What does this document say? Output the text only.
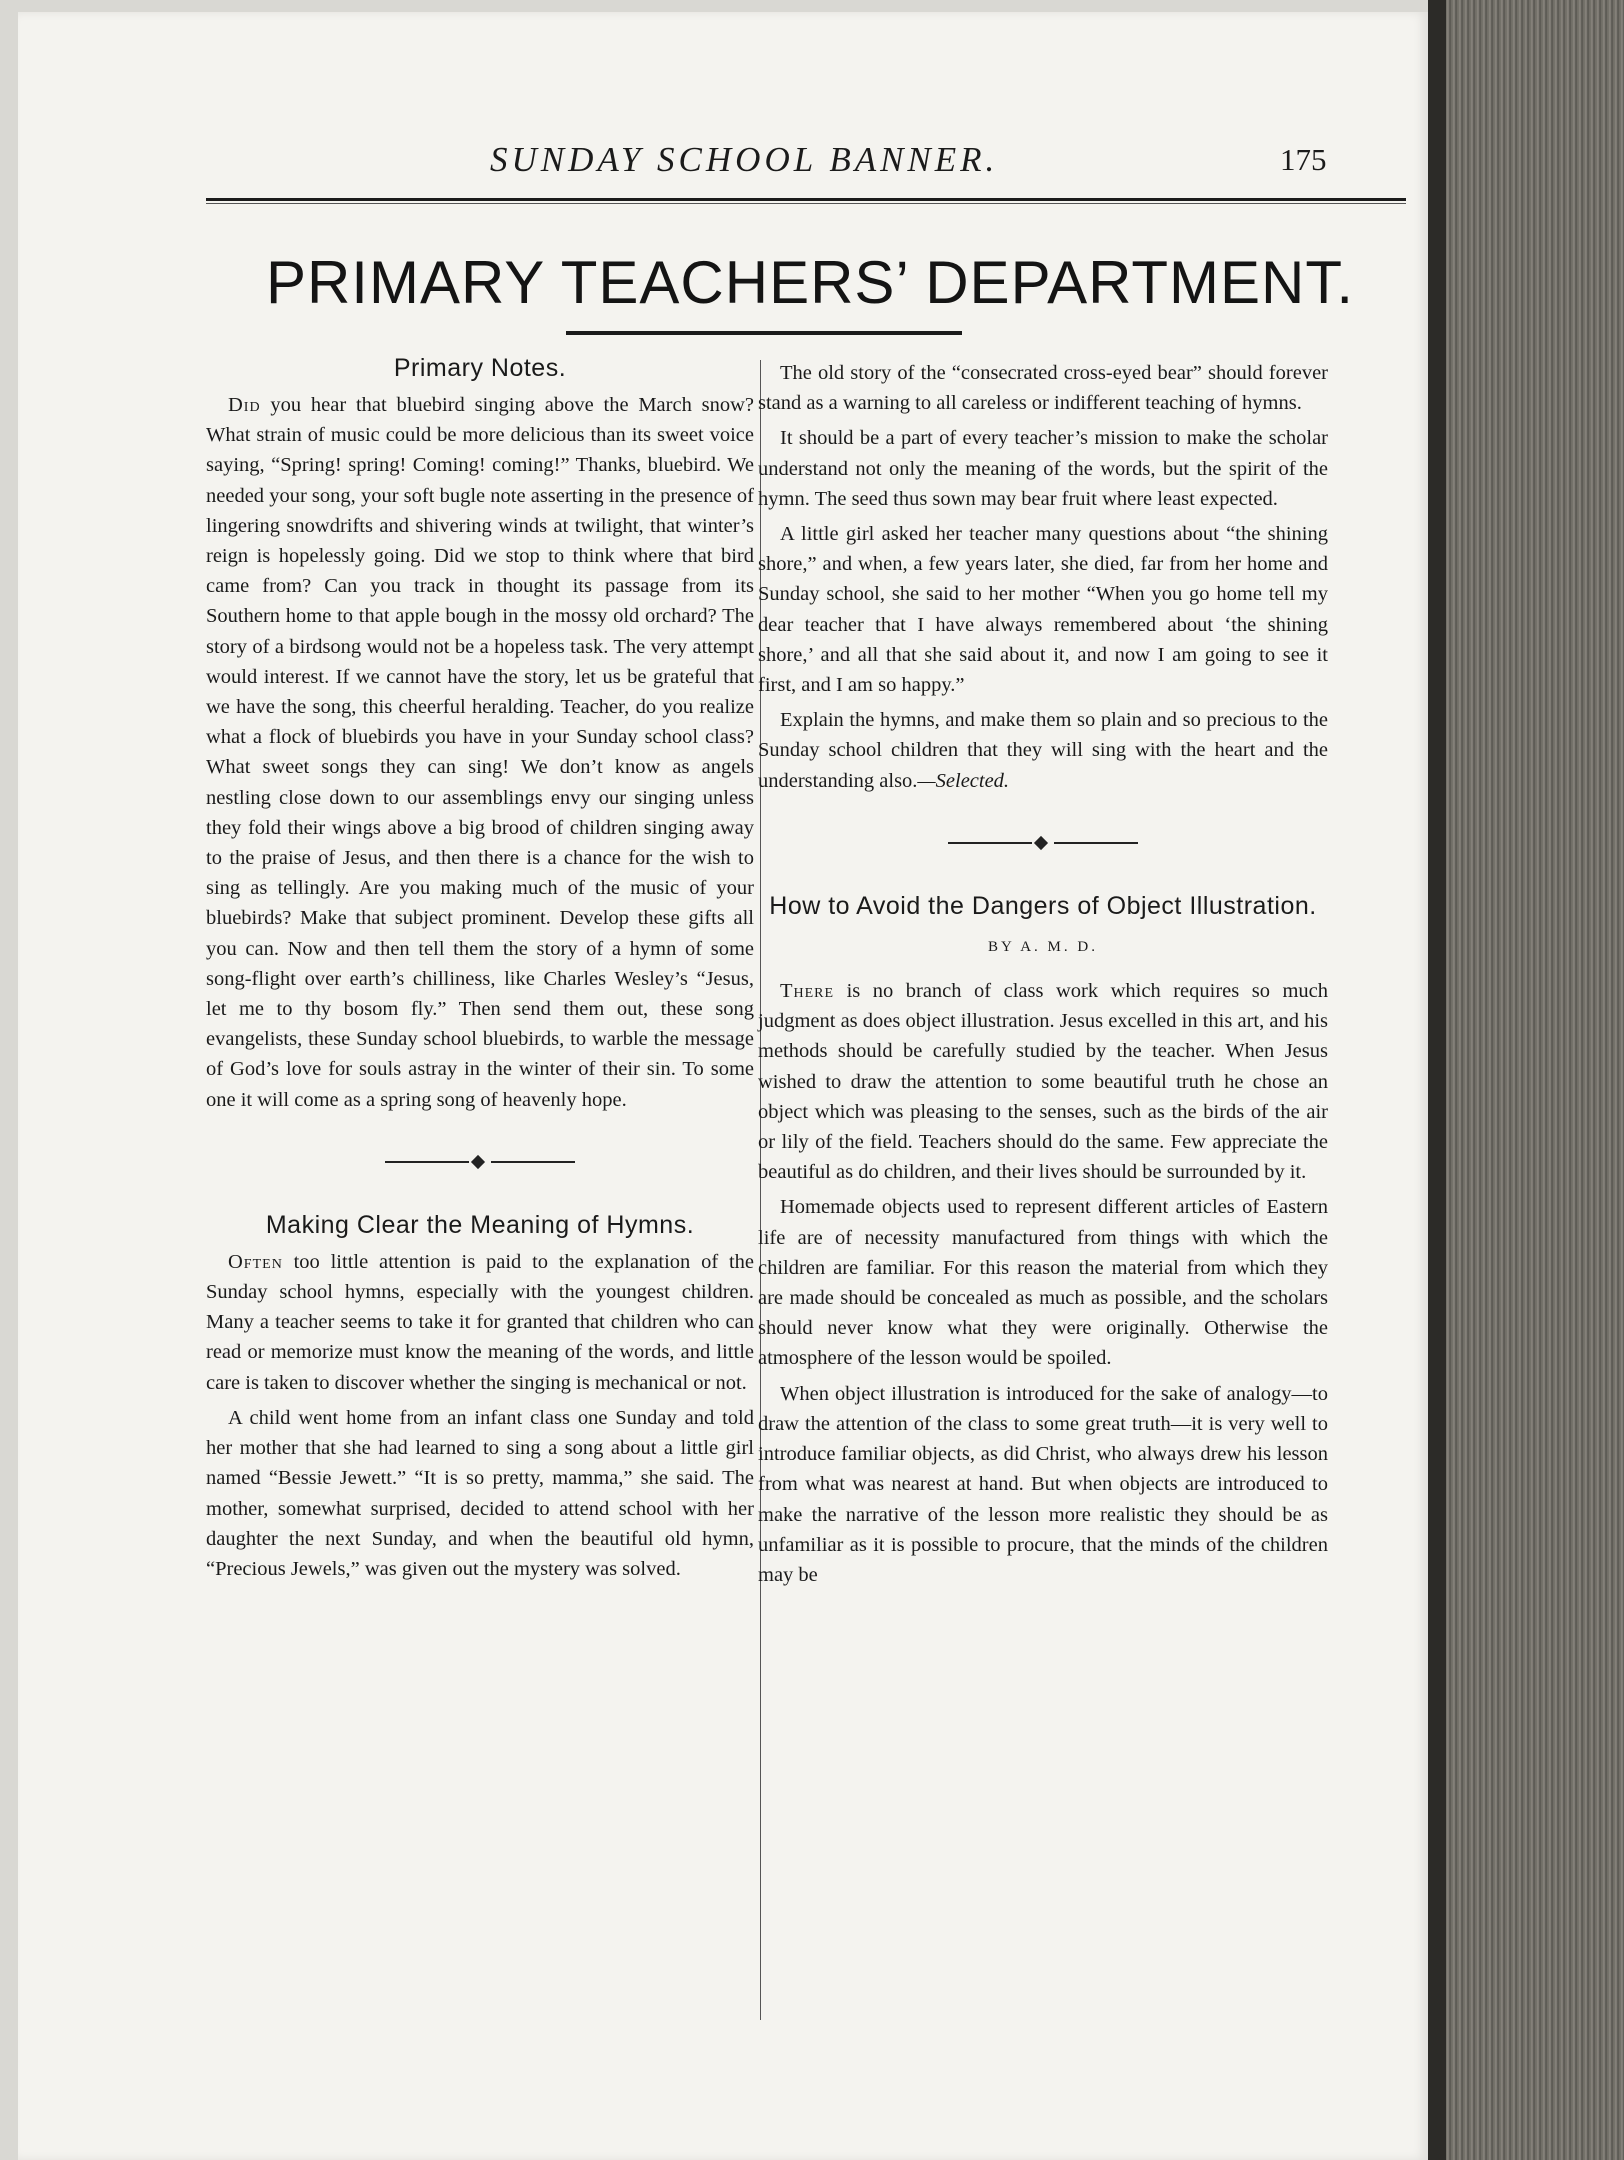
SUNDAY SCHOOL BANNER.	175
PRIMARY TEACHERS’ DEPARTMENT.
Primary Notes.

Did you hear that bluebird singing above the March snow? What strain of music could be more delicious than its sweet voice saying, “Spring! spring! Coming! coming!” Thanks, bluebird. We needed your song, your soft bugle note asserting in the presence of lingering snowdrifts and shivering winds at twilight, that winter’s reign is hopelessly going. Did we stop to think where that bird came from? Can you track in thought its passage from its Southern home to that apple bough in the mossy old orchard? The story of a birdsong would not be a hopeless task. The very attempt would interest. If we cannot have the story, let us be grateful that we have the song, this cheerful heralding. Teacher, do you realize what a flock of bluebirds you have in your Sunday school class? What sweet songs they can sing! We don’t know as angels nestling close down to our assemblings envy our singing unless they fold their wings above a big brood of children singing away to the praise of Jesus, and then there is a chance for the wish to sing as tellingly. Are you making much of the music of your bluebirds? Make that subject prominent. Develop these gifts all you can. Now and then tell them the story of a hymn of some song-flight over earth’s chilliness, like Charles Wesley’s “Jesus, let me to thy bosom fly.” Then send them out, these song evangelists, these Sunday school bluebirds, to warble the message of God’s love for souls astray in the winter of their sin. To some one it will come as a spring song of heavenly hope.

Making Clear the Meaning of Hymns.

Often too little attention is paid to the explanation of the Sunday school hymns, especially with the youngest children. Many a teacher seems to take it for granted that children who can read or memorize must know the meaning of the words, and little care is taken to discover whether the singing is mechanical or not.

A child went home from an infant class one Sunday and told her mother that she had learned to sing a song about a little girl named “Bessie Jewett.” “It is so pretty, mamma,” she said. The mother, somewhat surprised, decided to attend school with her daughter the next Sunday, and when the beautiful old hymn, “Precious Jewels,” was given out the mystery was solved.

The old story of the “consecrated cross-eyed bear” should forever stand as a warning to all careless or indifferent teaching of hymns.

It should be a part of every teacher’s mission to make the scholar understand not only the meaning of the words, but the spirit of the hymn. The seed thus sown may bear fruit where least expected.

A little girl asked her teacher many questions about “the shining shore,” and when, a few years later, she died, far from her home and Sunday school, she said to her mother “When you go home tell my dear teacher that I have always remembered about ‘the shining shore,’ and all that she said about it, and now I am going to see it first, and I am so happy.”

Explain the hymns, and make them so plain and so precious to the Sunday school children that they will sing with the heart and the understanding also.—Selected.

How to Avoid the Dangers of Object Illustration.
BY A. M. D.

There is no branch of class work which requires so much judgment as does object illustration. Jesus excelled in this art, and his methods should be carefully studied by the teacher. When Jesus wished to draw the attention to some beautiful truth he chose an object which was pleasing to the senses, such as the birds of the air or lily of the field. Teachers should do the same. Few appreciate the beautiful as do children, and their lives should be surrounded by it.

Homemade objects used to represent different articles of Eastern life are of necessity manufactured from things with which the children are familiar. For this reason the material from which they are made should be concealed as much as possible, and the scholars should never know what they were originally. Otherwise the atmosphere of the lesson would be spoiled.

When object illustration is introduced for the sake of analogy—to draw the attention of the class to some great truth—it is very well to introduce familiar objects, as did Christ, who always drew his lesson from what was nearest at hand. But when objects are introduced to make the narrative of the lesson more realistic they should be as unfamiliar as it is possible to procure, that the minds of the children may be
